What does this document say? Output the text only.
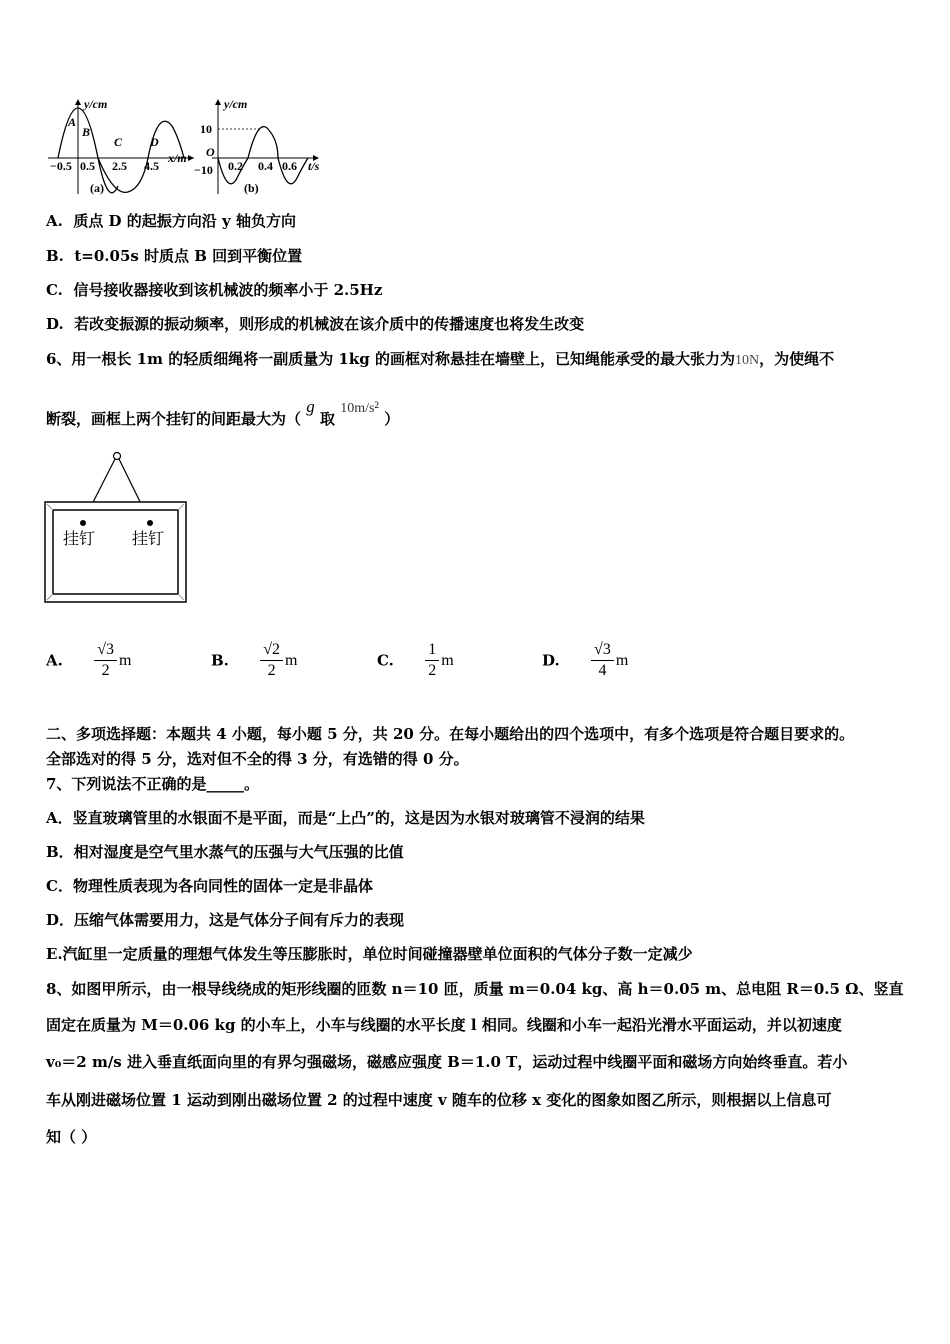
y/cm
A
B
C D
−0.5 0.5 2.5 4.5
x/m
(a)
y/cm
10
O
−10 0.2 0.4 0.6 t/s
(b)
A. 质点 D 的起振方向沿 y 轴负方向
B. t=0.05s 时质点 B 回到平衡位置
C. 信号接收器接收到该机械波的频率小于 2.5Hz
D. 若改变振源的振动频率，则形成的机械波在该介质中的传播速度也将发生改变
6、用一根长 1m 的轻质细绳将一副质量为 1kg 的画框对称悬挂在墙壁上，已知绳能承受的最大张力为10N，为使绳不
断裂，画框上两个挂钉的间距最大为（ g 取 $10m/s^2$ ）
挂钉 挂钉
A. $\frac{√3}{2}$ m	B. $\frac{√2}{2}$ m	C. $\frac{1}{2}$ m	D. $\frac{√3}{4}$ m
二、多项选择题：本题共 4 小题，每小题 5 分，共 20 分。在每小题给出的四个选项中，有多个选项是符合题目要求的。
全部选对的得 5 分，选对但不全的得 3 分，有选错的得 0 分。
7、下列说法不正确的是_____。
A．竖直玻璃管里的水银面不是平面，而是“上凸”的，这是因为水银对玻璃管不浸润的结果
B．相对湿度是空气里水蒸气的压强与大气压强的比值
C．物理性质表现为各向同性的固体一定是非晶体
D．压缩气体需要用力，这是气体分子间有斥力的表现
E.汽缸里一定质量的理想气体发生等压膨胀时，单位时间碰撞器壁单位面积的气体分子数一定减少
8、如图甲所示，由一根导线绕成的矩形线圈的匝数 n＝10 匝，质量 m＝0.04 kg、高 h＝0.05 m、总电阻 R＝0.5 Ω、竖直
固定在质量为 M＝0.06 kg 的小车上，小车与线圈的水平长度 l 相同。线圈和小车一起沿光滑水平面运动，并以初速度
v₀＝2 m/s 进入垂直纸面向里的有界匀强磁场，磁感应强度 B＝1.0 T，运动过程中线圈平面和磁场方向始终垂直。若小
车从刚进磁场位置 1 运动到刚出磁场位置 2 的过程中速度 v 随车的位移 x 变化的图象如图乙所示，则根据以上信息可
知（ ）
